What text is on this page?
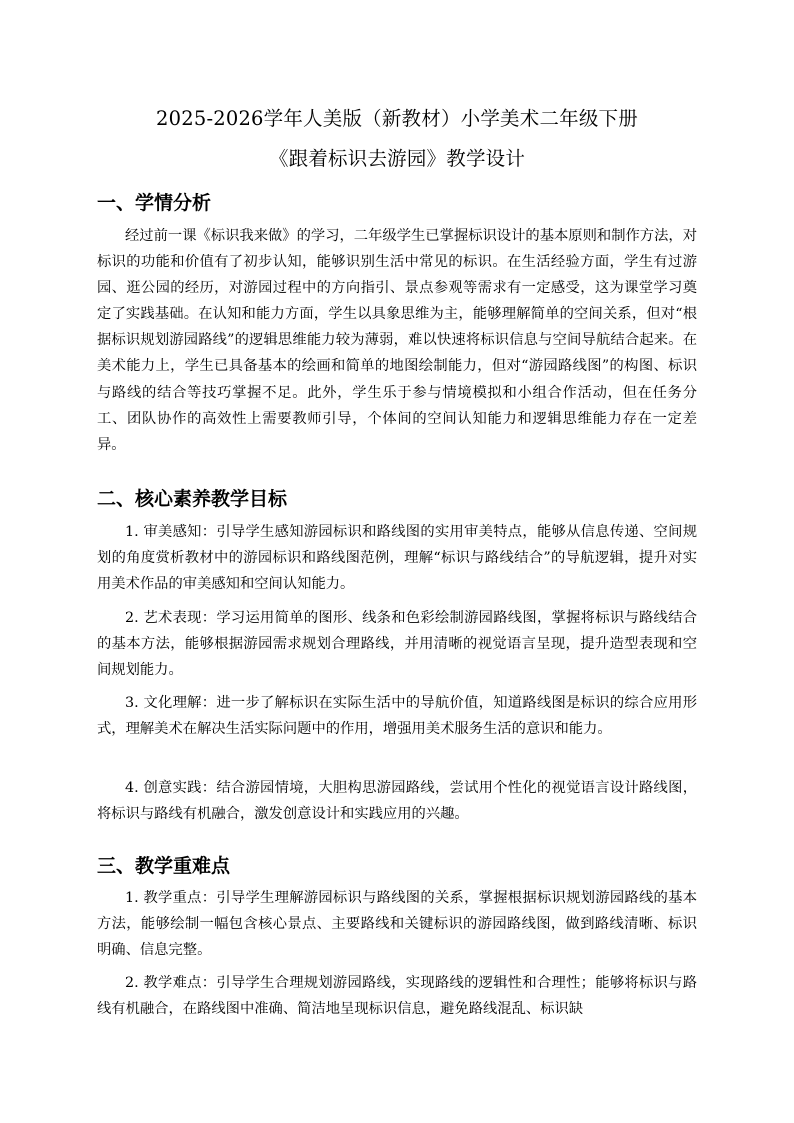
2025-2026学年人美版（新教材）小学美术二年级下册
《跟着标识去游园》教学设计
一、学情分析

经过前一课《标识我来做》的学习，二年级学生已掌握标识设计的基本原则和制作方法，对标识的功能和价值有了初步认知，能够识别生活中常见的标识。在生活经验方面，学生有过游园、逛公园的经历，对游园过程中的方向指引、景点参观等需求有一定感受，这为课堂学习奠定了实践基础。在认知和能力方面，学生以具象思维为主，能够理解简单的空间关系，但对“根据标识规划游园路线”的逻辑思维能力较为薄弱，难以快速将标识信息与空间导航结合起来。在美术能力上，学生已具备基本的绘画和简单的地图绘制能力，但对“游园路线图”的构图、标识与路线的结合等技巧掌握不足。此外，学生乐于参与情境模拟和小组合作活动，但在任务分工、团队协作的高效性上需要教师引导，个体间的空间认知能力和逻辑思维能力存在一定差异。

二、核心素养教学目标

1. 审美感知：引导学生感知游园标识和路线图的实用审美特点，能够从信息传递、空间规划的角度赏析教材中的游园标识和路线图范例，理解“标识与路线结合”的导航逻辑，提升对实用美术作品的审美感知和空间认知能力。

2. 艺术表现：学习运用简单的图形、线条和色彩绘制游园路线图，掌握将标识与路线结合的基本方法，能够根据游园需求规划合理路线，并用清晰的视觉语言呈现，提升造型表现和空间规划能力。

3. 文化理解：进一步了解标识在实际生活中的导航价值，知道路线图是标识的综合应用形式，理解美术在解决生活实际问题中的作用，增强用美术服务生活的意识和能力。

4. 创意实践：结合游园情境，大胆构思游园路线，尝试用个性化的视觉语言设计路线图，将标识与路线有机融合，激发创意设计和实践应用的兴趣。

三、教学重难点

1. 教学重点：引导学生理解游园标识与路线图的关系，掌握根据标识规划游园路线的基本方法，能够绘制一幅包含核心景点、主要路线和关键标识的游园路线图，做到路线清晰、标识明确、信息完整。

2. 教学难点：引导学生合理规划游园路线，实现路线的逻辑性和合理性；能够将标识与路线有机融合，在路线图中准确、简洁地呈现标识信息，避免路线混乱、标识缺
